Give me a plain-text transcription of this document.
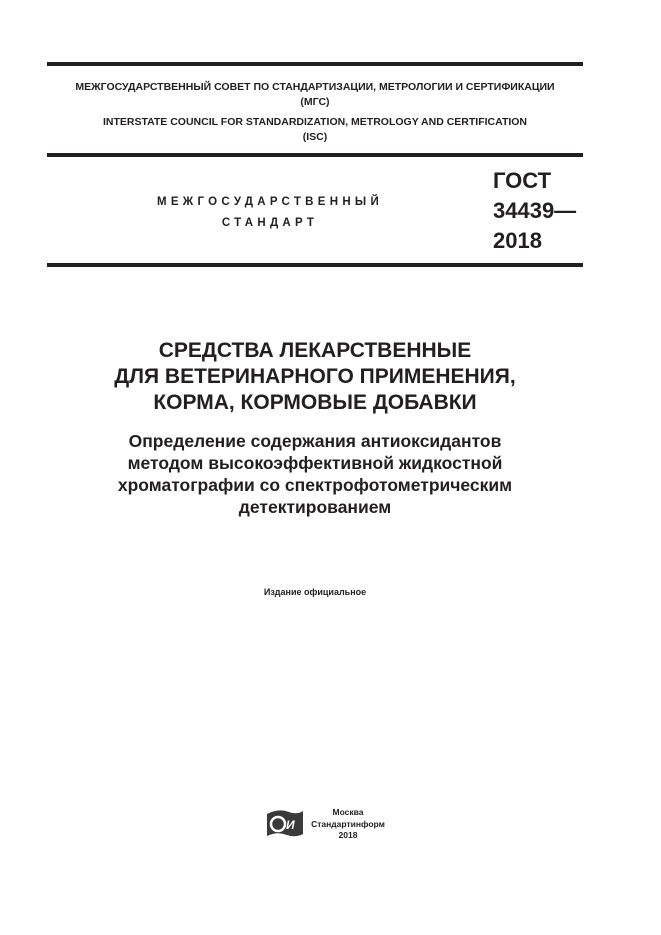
МЕЖГОСУДАРСТВЕННЫЙ СОВЕТ ПО СТАНДАРТИЗАЦИИ, МЕТРОЛОГИИ И СЕРТИФИКАЦИИ

(МГС)

INTERSTATE COUNCIL FOR STANDARDIZATION, METROLOGY AND CERTIFICATION

(ISC)

МЕЖГОСУДАРСТВЕННЫЙ
СТАНДАРТ
ГОСТ
34439—
2018
СРЕДСТВА ЛЕКАРСТВЕННЫЕ
ДЛЯ ВЕТЕРИНАРНОГО ПРИМЕНЕНИЯ,
КОРМА, КОРМОВЫЕ ДОБАВКИ
Определение содержания антиоксидантов
методом высокоэффективной жидкостной
хроматографии со спектрофотометрическим
детектированием
Издание официальное
И
Москва
Стандартинформ
2018
